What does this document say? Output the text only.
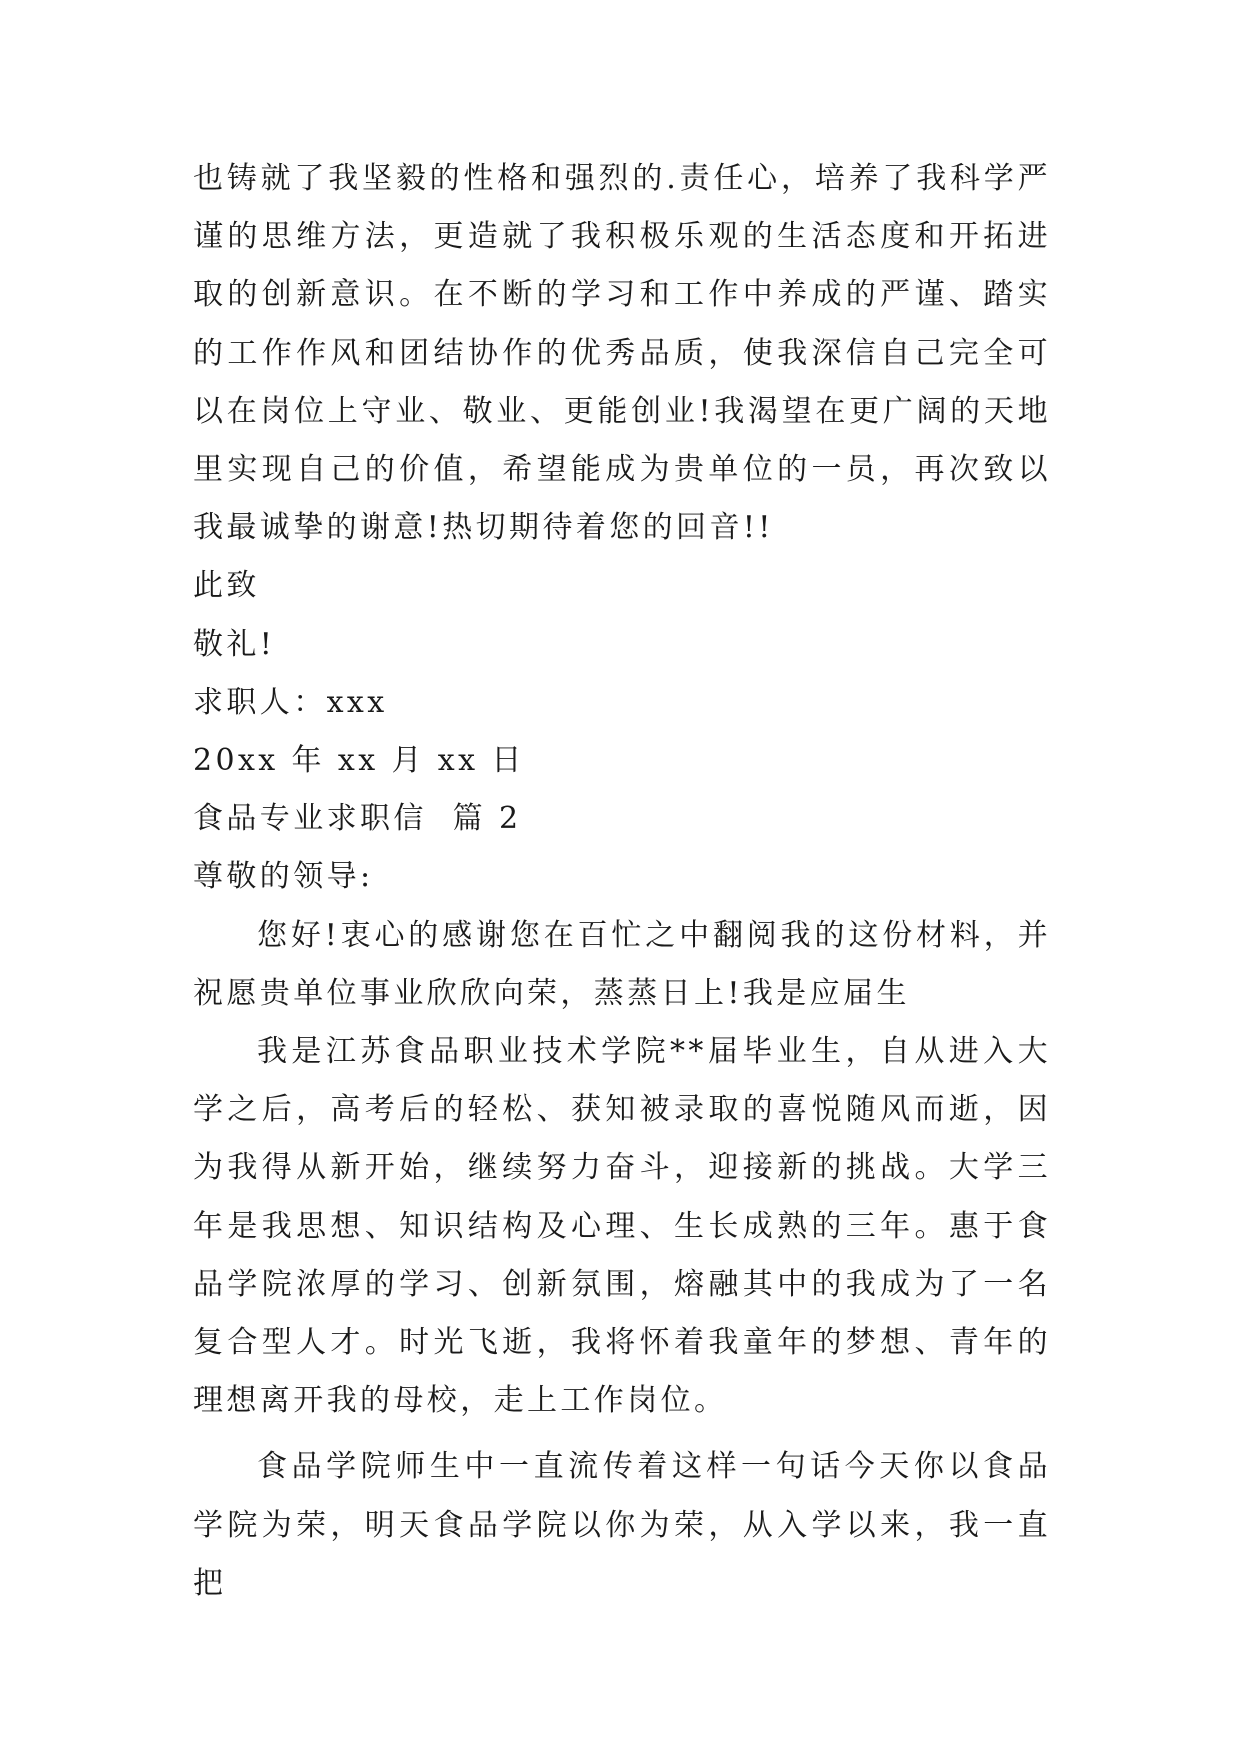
也铸就了我坚毅的性格和强烈的.责任心，培养了我科学严谨的思维方法，更造就了我积极乐观的生活态度和开拓进取的创新意识。在不断的学习和工作中养成的严谨、踏实的工作作风和团结协作的优秀品质，使我深信自己完全可以在岗位上守业、敬业、更能创业!我渴望在更广阔的天地里实现自己的价值，希望能成为贵单位的一员，再次致以我最诚挚的谢意!热切期待着您的回音!!

此致

敬礼!

求职人：xxx

20xx 年 xx 月 xx 日

食品专业求职信  篇 2

尊敬的领导:

您好!衷心的感谢您在百忙之中翻阅我的这份材料，并祝愿贵单位事业欣欣向荣，蒸蒸日上!我是应届生

我是江苏食品职业技术学院**届毕业生，自从进入大学之后，高考后的轻松、获知被录取的喜悦随风而逝，因为我得从新开始，继续努力奋斗，迎接新的挑战。大学三年是我思想、知识结构及心理、生长成熟的三年。惠于食品学院浓厚的学习、创新氛围，熔融其中的我成为了一名复合型人才。时光飞逝，我将怀着我童年的梦想、青年的理想离开我的母校，走上工作岗位。

食品学院师生中一直流传着这样一句话今天你以食品学院为荣，明天食品学院以你为荣，从入学以来，我一直把
